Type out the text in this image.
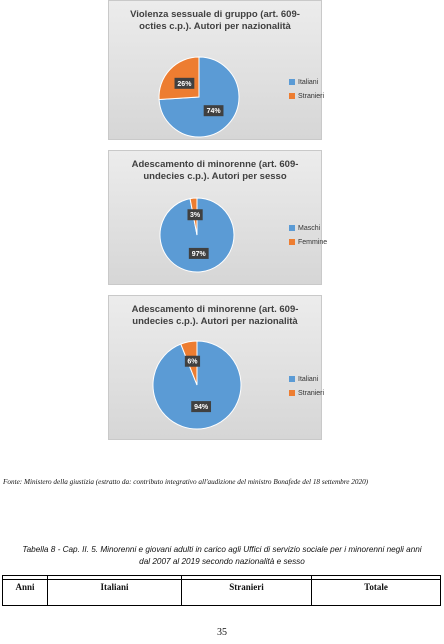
Violenza sessuale di gruppo (art. 609-
octies c.p.). Autori per nazionalità
74%
26%	Italiani
Stranieri
Adescamento di minorenne (art. 609-
undecies c.p.). Autori per sesso
97%
3%
Maschi
Femmine
Adescamento di minorenne (art. 609-
undecies c.p.). Autori per nazionalità
94%
6%
Italiani
Stranieri
Fonte: Ministero della giustizia (estratto da: contributo integrativo all'audizione del ministro Bonafede del 18 settembre 2020)
Tabella 8 - Cap. II. 5. Minorenni e giovani adulti in carico agli Uffici di servizio sociale per i minorenni negli anni dal 2007 al 2019 secondo nazionalità e sesso
Anni	Italiani	Stranieri	Totale
35
